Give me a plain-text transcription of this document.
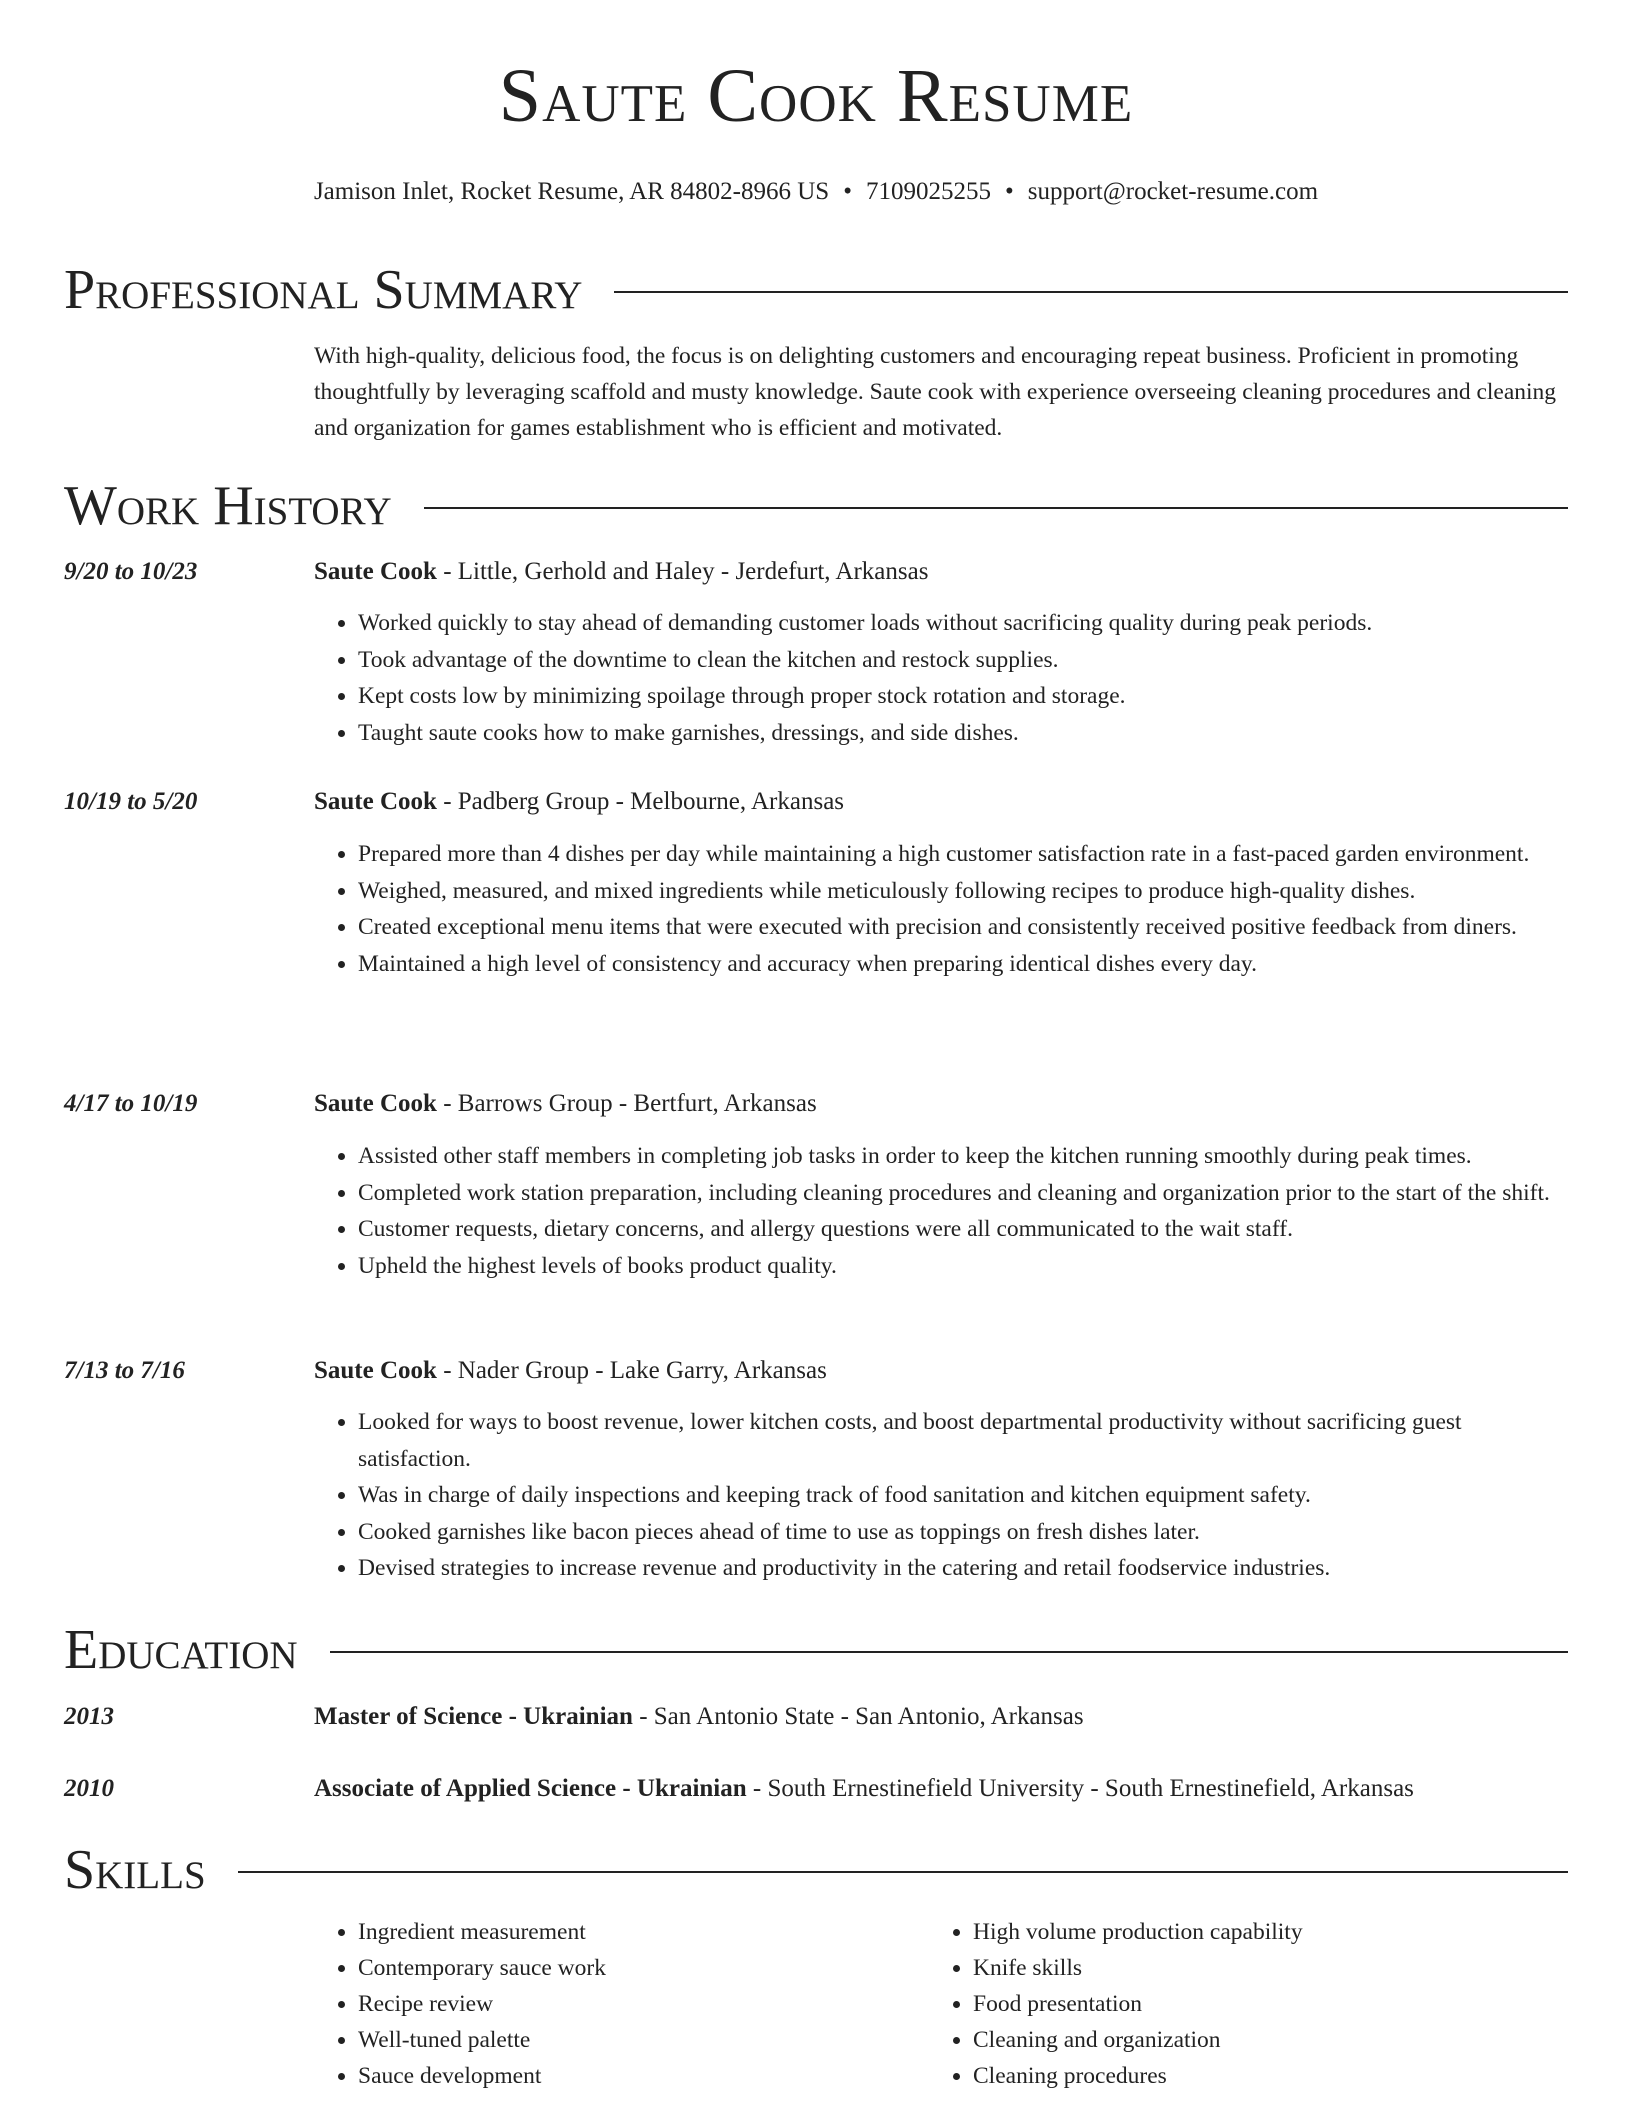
Saute Cook Resume
Jamison Inlet, Rocket Resume, AR 84802-8966 US • 7109025255 • support@rocket-resume.com
Professional Summary

With high-quality, delicious food, the focus is on delighting customers and encouraging repeat business. Proficient in promoting thoughtfully by leveraging scaffold and musty knowledge. Saute cook with experience overseeing cleaning procedures and cleaning and organization for games establishment who is efficient and motivated.

Work History
9/20 to 10/23	Saute Cook - Little, Gerhold and Haley - Jerdefurt, Arkansas
• Worked quickly to stay ahead of demanding customer loads without sacrificing quality during peak periods.
• Took advantage of the downtime to clean the kitchen and restock supplies.
• Kept costs low by minimizing spoilage through proper stock rotation and storage.
• Taught saute cooks how to make garnishes, dressings, and side dishes.
10/19 to 5/20	Saute Cook - Padberg Group - Melbourne, Arkansas
• Prepared more than 4 dishes per day while maintaining a high customer satisfaction rate in a fast-paced garden environment.
• Weighed, measured, and mixed ingredients while meticulously following recipes to produce high-quality dishes.
• Created exceptional menu items that were executed with precision and consistently received positive feedback from diners.
• Maintained a high level of consistency and accuracy when preparing identical dishes every day.
4/17 to 10/19	Saute Cook - Barrows Group - Bertfurt, Arkansas
• Assisted other staff members in completing job tasks in order to keep the kitchen running smoothly during peak times.
• Completed work station preparation, including cleaning procedures and cleaning and organization prior to the start of the shift.
• Customer requests, dietary concerns, and allergy questions were all communicated to the wait staff.
• Upheld the highest levels of books product quality.
7/13 to 7/16	Saute Cook - Nader Group - Lake Garry, Arkansas
• Looked for ways to boost revenue, lower kitchen costs, and boost departmental productivity without sacrificing guest satisfaction.
• Was in charge of daily inspections and keeping track of food sanitation and kitchen equipment safety.
• Cooked garnishes like bacon pieces ahead of time to use as toppings on fresh dishes later.
• Devised strategies to increase revenue and productivity in the catering and retail foodservice industries.
Education
2013	Master of Science - Ukrainian - San Antonio State - San Antonio, Arkansas
2010	Associate of Applied Science - Ukrainian - South Ernestinefield University - South Ernestinefield, Arkansas
Skills
• Ingredient measurement
• Contemporary sauce work
• Recipe review
• Well-tuned palette
• Sauce development
• High volume production capability
• Knife skills
• Food presentation
• Cleaning and organization
• Cleaning procedures
